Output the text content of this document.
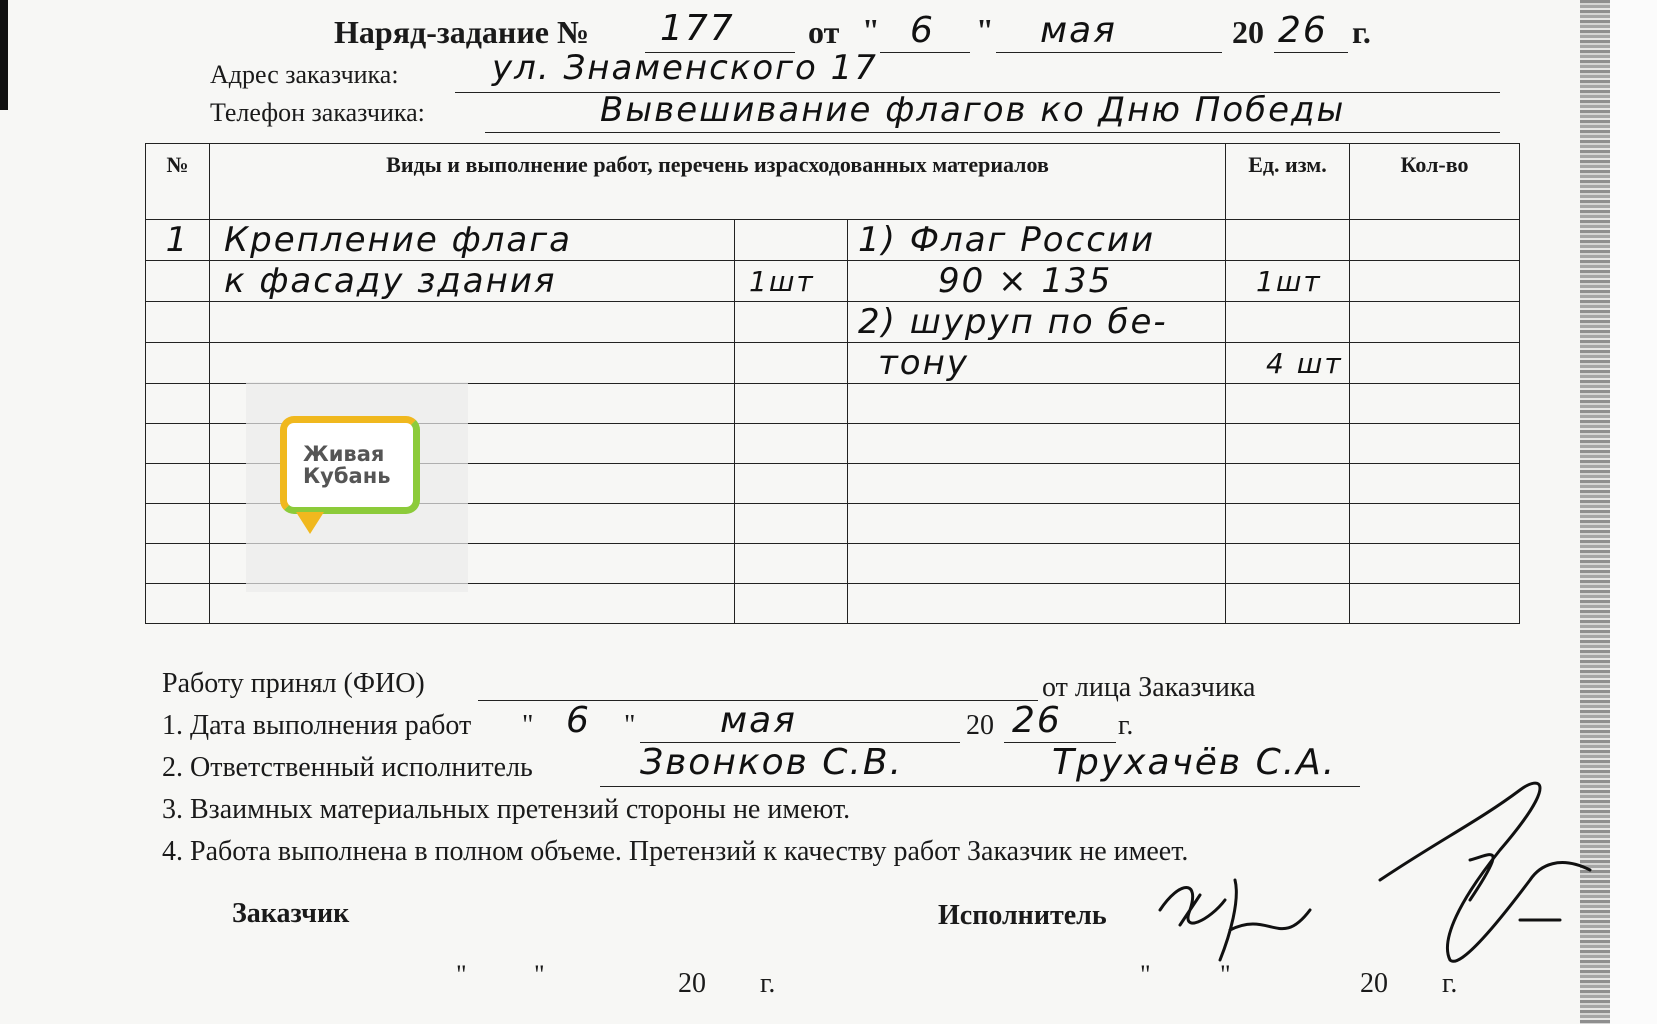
Наряд-задание № 177 от " 6 " мая	20 26 г.
Адрес заказчика:	ул. Знаменского 17
Телефон заказчика:	Вывешивание флагов ко Дню Победы
№	Виды и выполнение работ, перечень израсходованных материалов			Ед. изм.	Кол-во
1	Крепление флага		1) Флаг России		
	к фасаду здания	1шт	90 × 135	1шт	
			2) шуруп по бе-		
			тону	4 шт	

Живая
Кубань
Работу принял (ФИО)	от лица Заказчика
1. Дата выполнения работ " 6 " мая	20 26 г.
2. Ответственный исполнитель	Звонков С.В.	Трухачёв С.А.
3. Взаимных материальных претензий стороны не имеют.
4. Работа выполнена в полном объеме. Претензий к качеству работ Заказчик не имеет.
Заказчик	Исполнитель
"	"	20 г.	"	"	20 г.
